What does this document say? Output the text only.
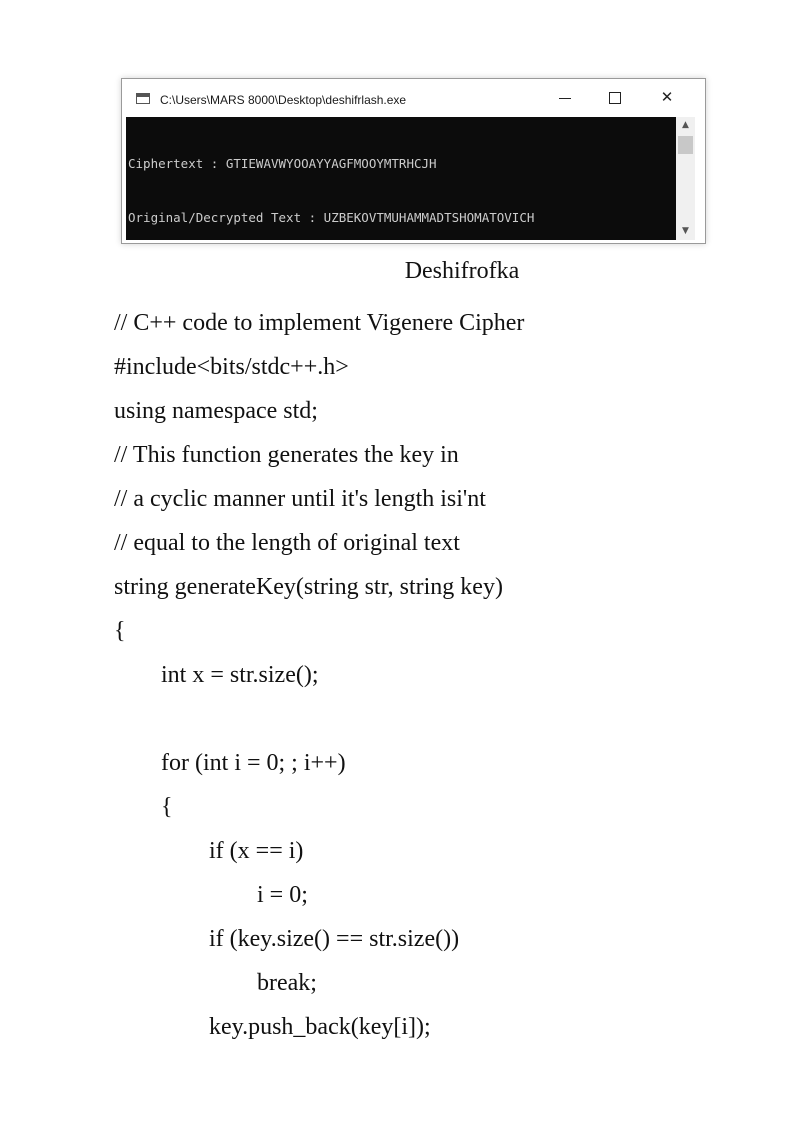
C:\Users\MARS 8000\Desktop\deshifrlash.exe	✕

Ciphertext : GTIEWAVWYOOAYYAGFMOOYMTRHCJH

Original/Decrypted Text : UZBEKOVTMUHAMMADTSHOMATOVICH

▲
▼
Deshifrofka
// C++ code to implement Vigenere Cipher
#include<bits/stdc++.h>
using namespace std;
// This function generates the key in
// a cyclic manner until it's length isi'nt
// equal to the length of original text
string generateKey(string str, string key)
{
int x = str.size();
for (int i = 0; ; i++)
{
if (x == i)
i = 0;
if (key.size() == str.size())
break;
key.push_back(key[i]);
